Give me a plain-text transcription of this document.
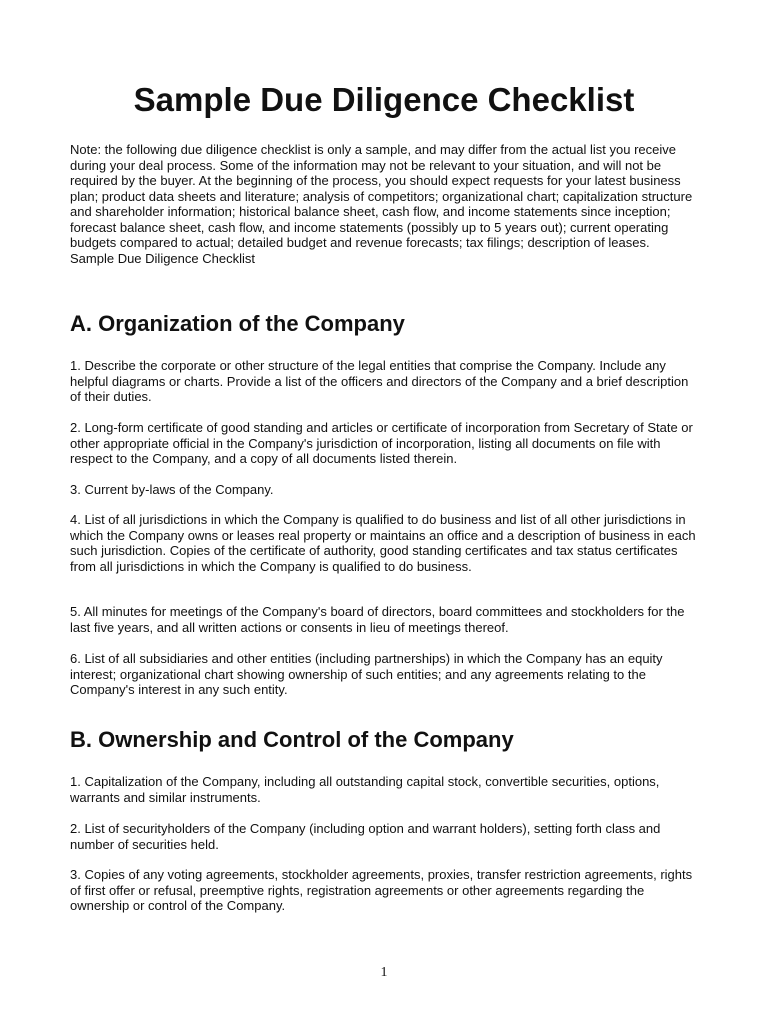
Sample Due Diligence Checklist

Note: the following due diligence checklist is only a sample, and may differ from the actual list you receive during your deal process. Some of the information may not be relevant to your situation, and will not be required by the buyer. At the beginning of the process, you should expect requests for your latest business plan; product data sheets and literature; analysis of competitors; organizational chart; capitalization structure and shareholder information; historical balance sheet, cash flow, and income statements since inception; forecast balance sheet, cash flow, and income statements (possibly up to 5 years out); current operating budgets compared to actual; detailed budget and revenue forecasts; tax filings; description of leases.
Sample Due Diligence Checklist

A. Organization of the Company

1. Describe the corporate or other structure of the legal entities that comprise the Company. Include any helpful diagrams or charts. Provide a list of the officers and directors of the Company and a brief description of their duties.

2. Long-form certificate of good standing and articles or certificate of incorporation from Secretary of State or other appropriate official in the Company's jurisdiction of incorporation, listing all documents on file with respect to the Company, and a copy of all documents listed therein.

3. Current by-laws of the Company.

4. List of all jurisdictions in which the Company is qualified to do business and list of all other jurisdictions in which the Company owns or leases real property or maintains an office and a description of business in each such jurisdiction. Copies of the certificate of authority, good standing certificates and tax status certificates from all jurisdictions in which the Company is qualified to do business.

5. All minutes for meetings of the Company's board of directors, board committees and stockholders for the last five years, and all written actions or consents in lieu of meetings thereof.

6. List of all subsidiaries and other entities (including partnerships) in which the Company has an equity interest; organizational chart showing ownership of such entities; and any agreements relating to the Company's interest in any such entity.

B. Ownership and Control of the Company

1. Capitalization of the Company, including all outstanding capital stock, convertible securities, options, warrants and similar instruments.

2. List of securityholders of the Company (including option and warrant holders), setting forth class and number of securities held.

3. Copies of any voting agreements, stockholder agreements, proxies, transfer restriction agreements, rights of first offer or refusal, preemptive rights, registration agreements or other agreements regarding the ownership or control of the Company.

1
